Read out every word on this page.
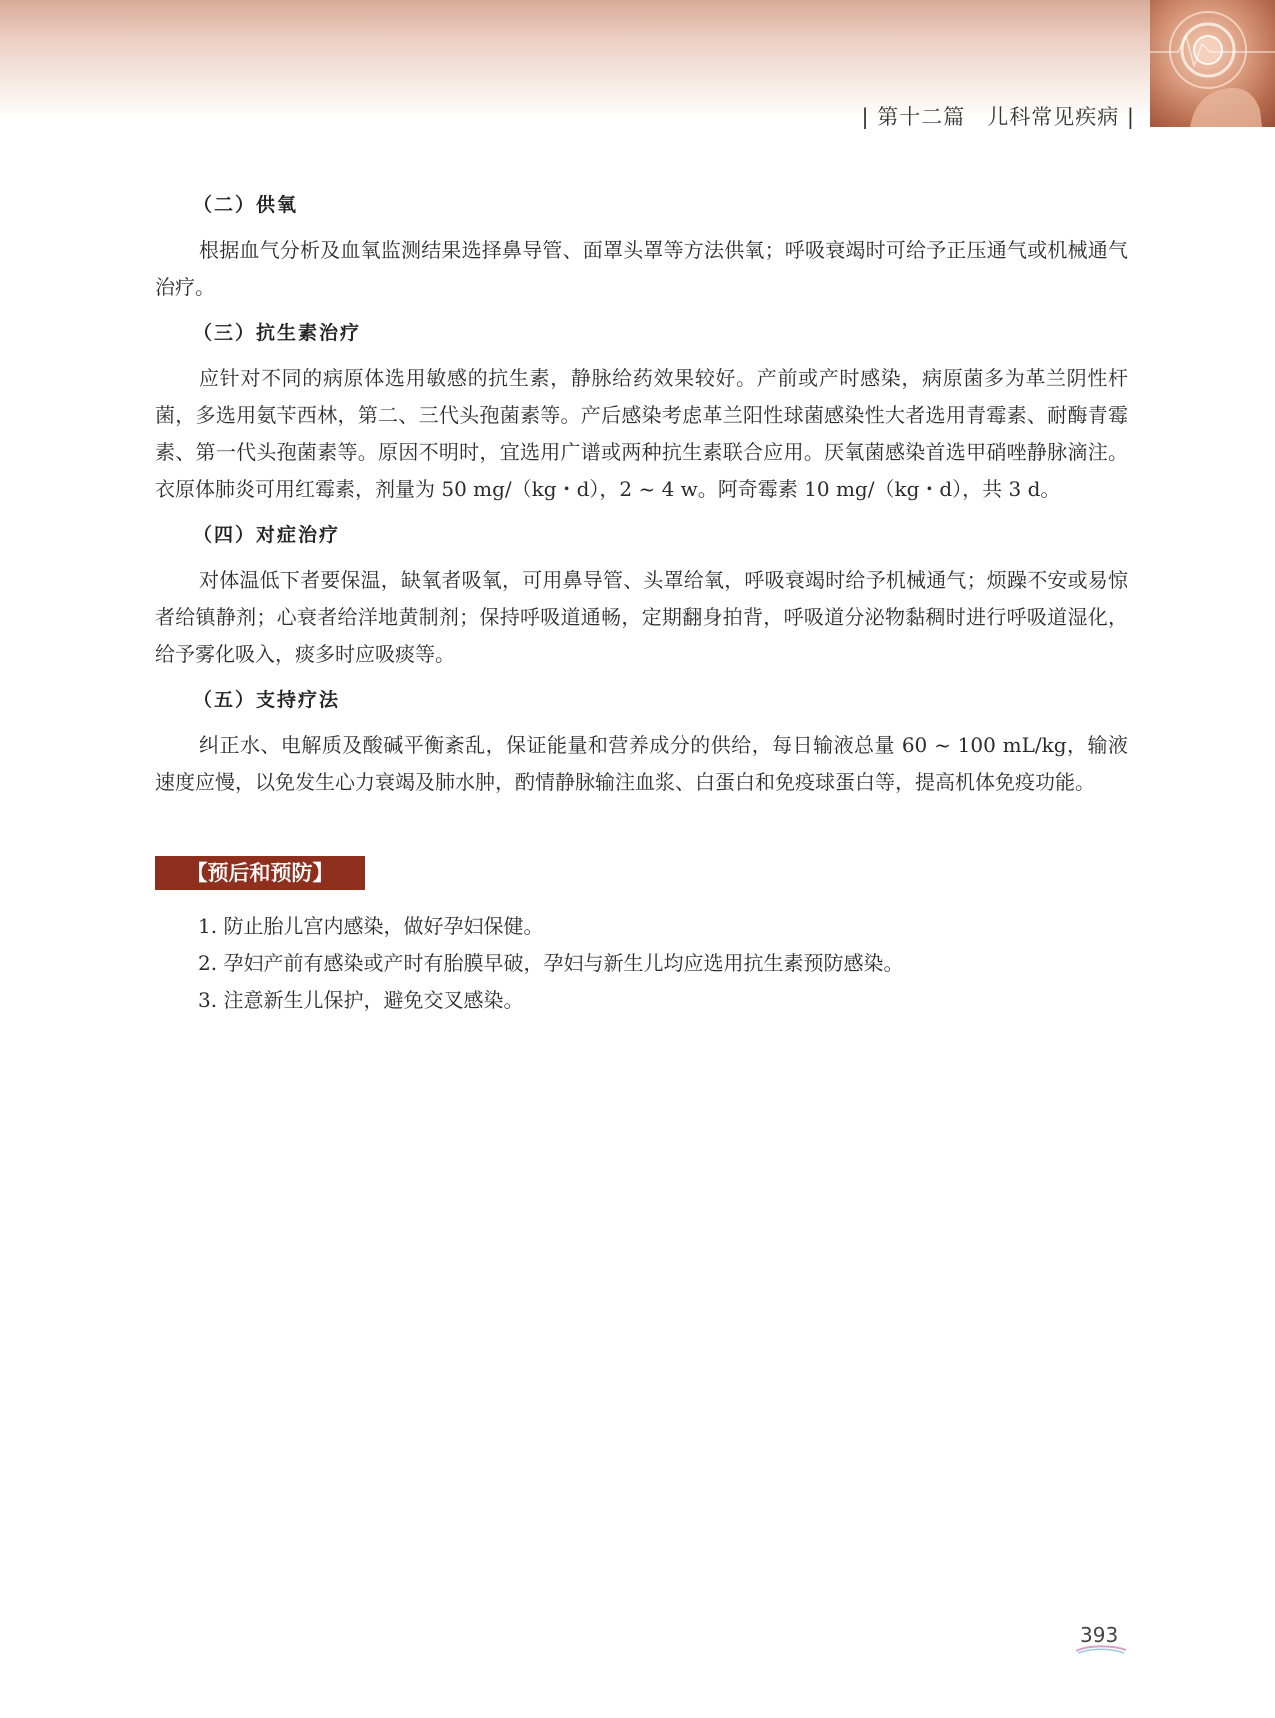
| 第十二篇　儿科常见疾病 |
（二）供氧

根据血气分析及血氧监测结果选择鼻导管、面罩头罩等方法供氧；呼吸衰竭时可给予正压通气或机械通气治疗。

（三）抗生素治疗

应针对不同的病原体选用敏感的抗生素，静脉给药效果较好。产前或产时感染，病原菌多为革兰阴性杆菌，多选用氨苄西林，第二、三代头孢菌素等。产后感染考虑革兰阳性球菌感染性大者选用青霉素、耐酶青霉素、第一代头孢菌素等。原因不明时，宜选用广谱或两种抗生素联合应用。厌氧菌感染首选甲硝唑静脉滴注。衣原体肺炎可用红霉素，剂量为 50 mg/（kg・d），2 ~ 4 w。阿奇霉素 10 mg/（kg・d），共 3 d。

（四）对症治疗

对体温低下者要保温，缺氧者吸氧，可用鼻导管、头罩给氧，呼吸衰竭时给予机械通气；烦躁不安或易惊者给镇静剂；心衰者给洋地黄制剂；保持呼吸道通畅，定期翻身拍背，呼吸道分泌物黏稠时进行呼吸道湿化，给予雾化吸入，痰多时应吸痰等。

（五）支持疗法

纠正水、电解质及酸碱平衡紊乱，保证能量和营养成分的供给，每日输液总量 60 ~ 100 mL/kg，输液速度应慢，以免发生心力衰竭及肺水肿，酌情静脉输注血浆、白蛋白和免疫球蛋白等，提高机体免疫功能。

【预后和预防】

1. 防止胎儿宫内感染，做好孕妇保健。

2. 孕妇产前有感染或产时有胎膜早破，孕妇与新生儿均应选用抗生素预防感染。

3. 注意新生儿保护，避免交叉感染。

393
